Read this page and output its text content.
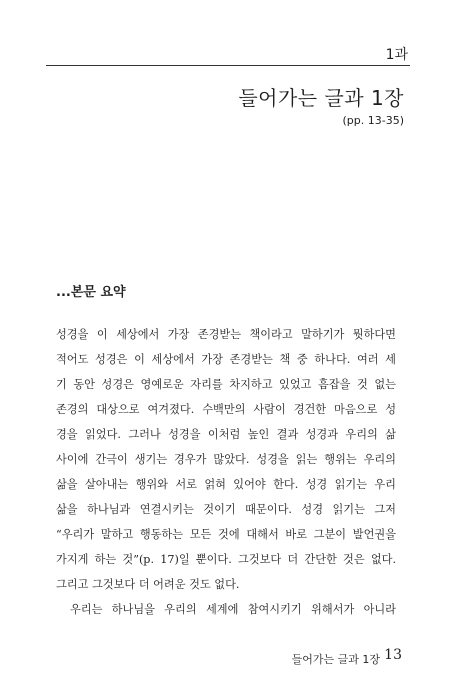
1과
들어가는 글과 1장
(pp. 13-35)
...본문 요약
성경을 이 세상에서 가장 존경받는 책이라고 말하기가 뭣하다면
적어도 성경은 이 세상에서 가장 존경받는 책 중 하나다. 여러 세
기 동안 성경은 영예로운 자리를 차지하고 있었고 흠잡을 것 없는
존경의 대상으로 여겨졌다. 수백만의 사람이 경건한 마음으로 성
경을 읽었다. 그러나 성경을 이처럼 높인 결과 성경과 우리의 삶
사이에 간극이 생기는 경우가 많았다. 성경을 읽는 행위는 우리의
삶을 살아내는 행위와 서로 얽혀 있어야 한다. 성경 읽기는 우리
삶을 하나님과 연결시키는 것이기 때문이다. 성경 읽기는 그저
“우리가 말하고 행동하는 모든 것에 대해서 바로 그분이 발언권을
가지게 하는 것”(p. 17)일 뿐이다. 그것보다 더 간단한 것은 없다.
그리고 그것보다 더 어려운 것도 없다.
우리는 하나님을 우리의 세계에 참여시키기 위해서가 아니라
들어가는 글과 1장 13
